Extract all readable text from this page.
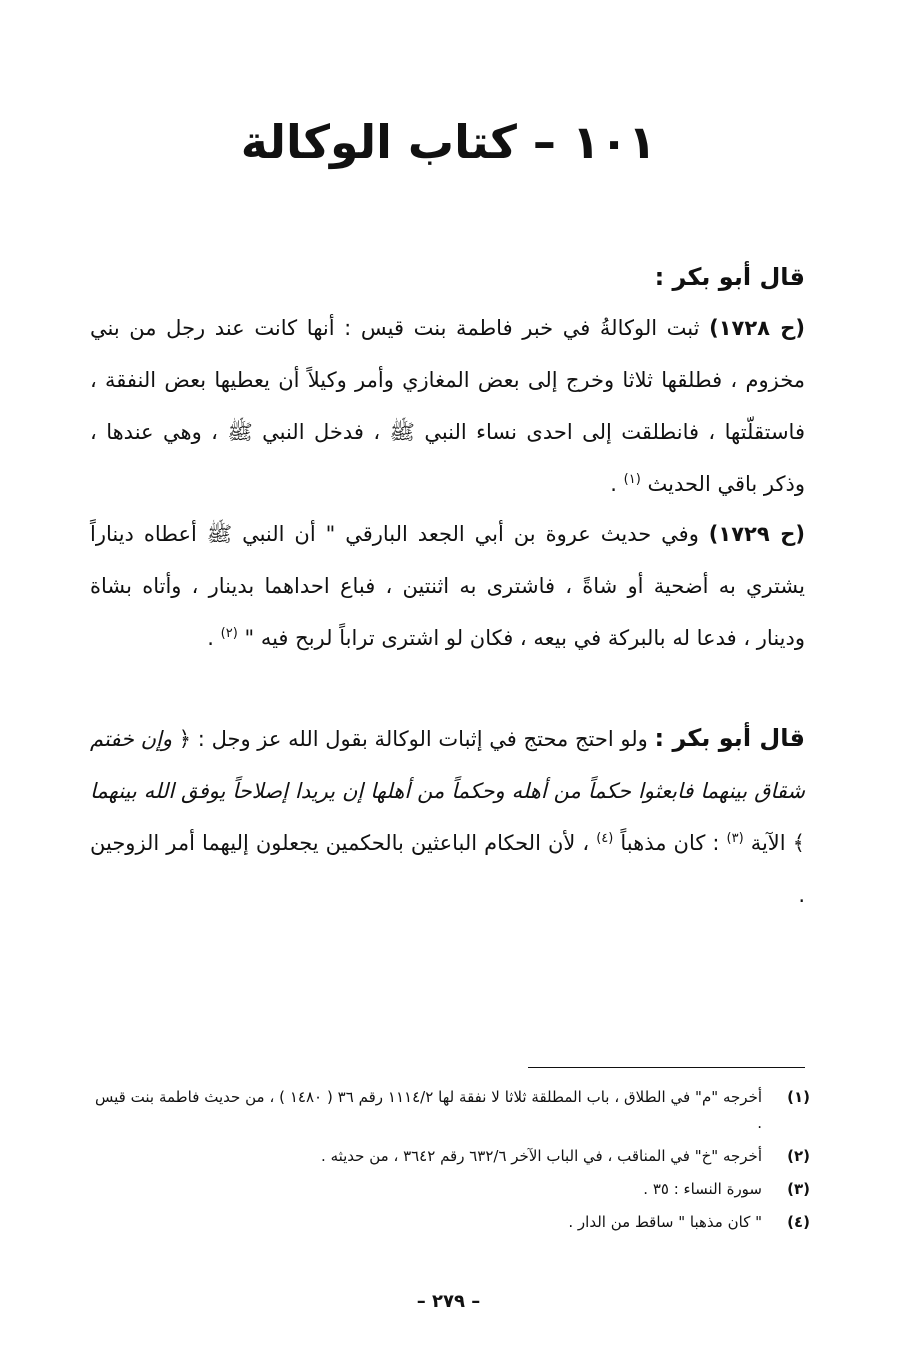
١٠١ – كتاب الوكالة
قال أبو بكر :
(ح ١٧٢٨) ثبت الوكالةُ في خبر فاطمة بنت قيس : أنها كانت عند رجل من بني مخزوم ، فطلقها ثلاثا وخرج إلى بعض المغازي وأمر وكيلاً أن يعطيها بعض النفقة ، فاستقلّتها ، فانطلقت إلى احدى نساء النبي ﷺ ، فدخل النبي ﷺ ، وهي عندها ، وذكر باقي الحديث $^{(١)}$ .
(ح ١٧٢٩) وفي حديث عروة بن أبي الجعد البارقي " أن النبي ﷺ أعطاه ديناراً يشتري به أضحية أو شاةً ، فاشترى به اثنتين ، فباع احداهما بدينار ، وأتاه بشاة ودينار ، فدعا له بالبركة في بيعه ، فكان لو اشترى تراباً لربح فيه " $^{(٢)}$ .
قال أبو بكر : ولو احتج محتج في إثبات الوكالة بقول الله عز وجل : ﴿ وإن خفتم شقاق بينهما فابعثوا حكماً من أهله وحكماً من أهلها إن يريدا إصلاحاً يوفق الله بينهما ﴾ الآية $^{(٣)}$ : كان مذهباً $^{(٤)}$ ، لأن الحكام الباعثين بالحكمين يجعلون إليهما أمر الزوجين .
(١)
أخرجه "م" في الطلاق ، باب المطلقة ثلاثا لا نفقة لها ١١١٤/٢ رقم ٣٦ ( ١٤٨٠ ) ، من حديث فاطمة بنت قيس .
(٢)
أخرجه "خ" في المناقب ، في الباب الآخر ٦٣٢/٦ رقم ٣٦٤٢ ، من حديثه .
(٣)
سورة النساء : ٣٥ .
(٤)
" كان مذهبا " ساقط من الدار .
– ٢٧٩ –
